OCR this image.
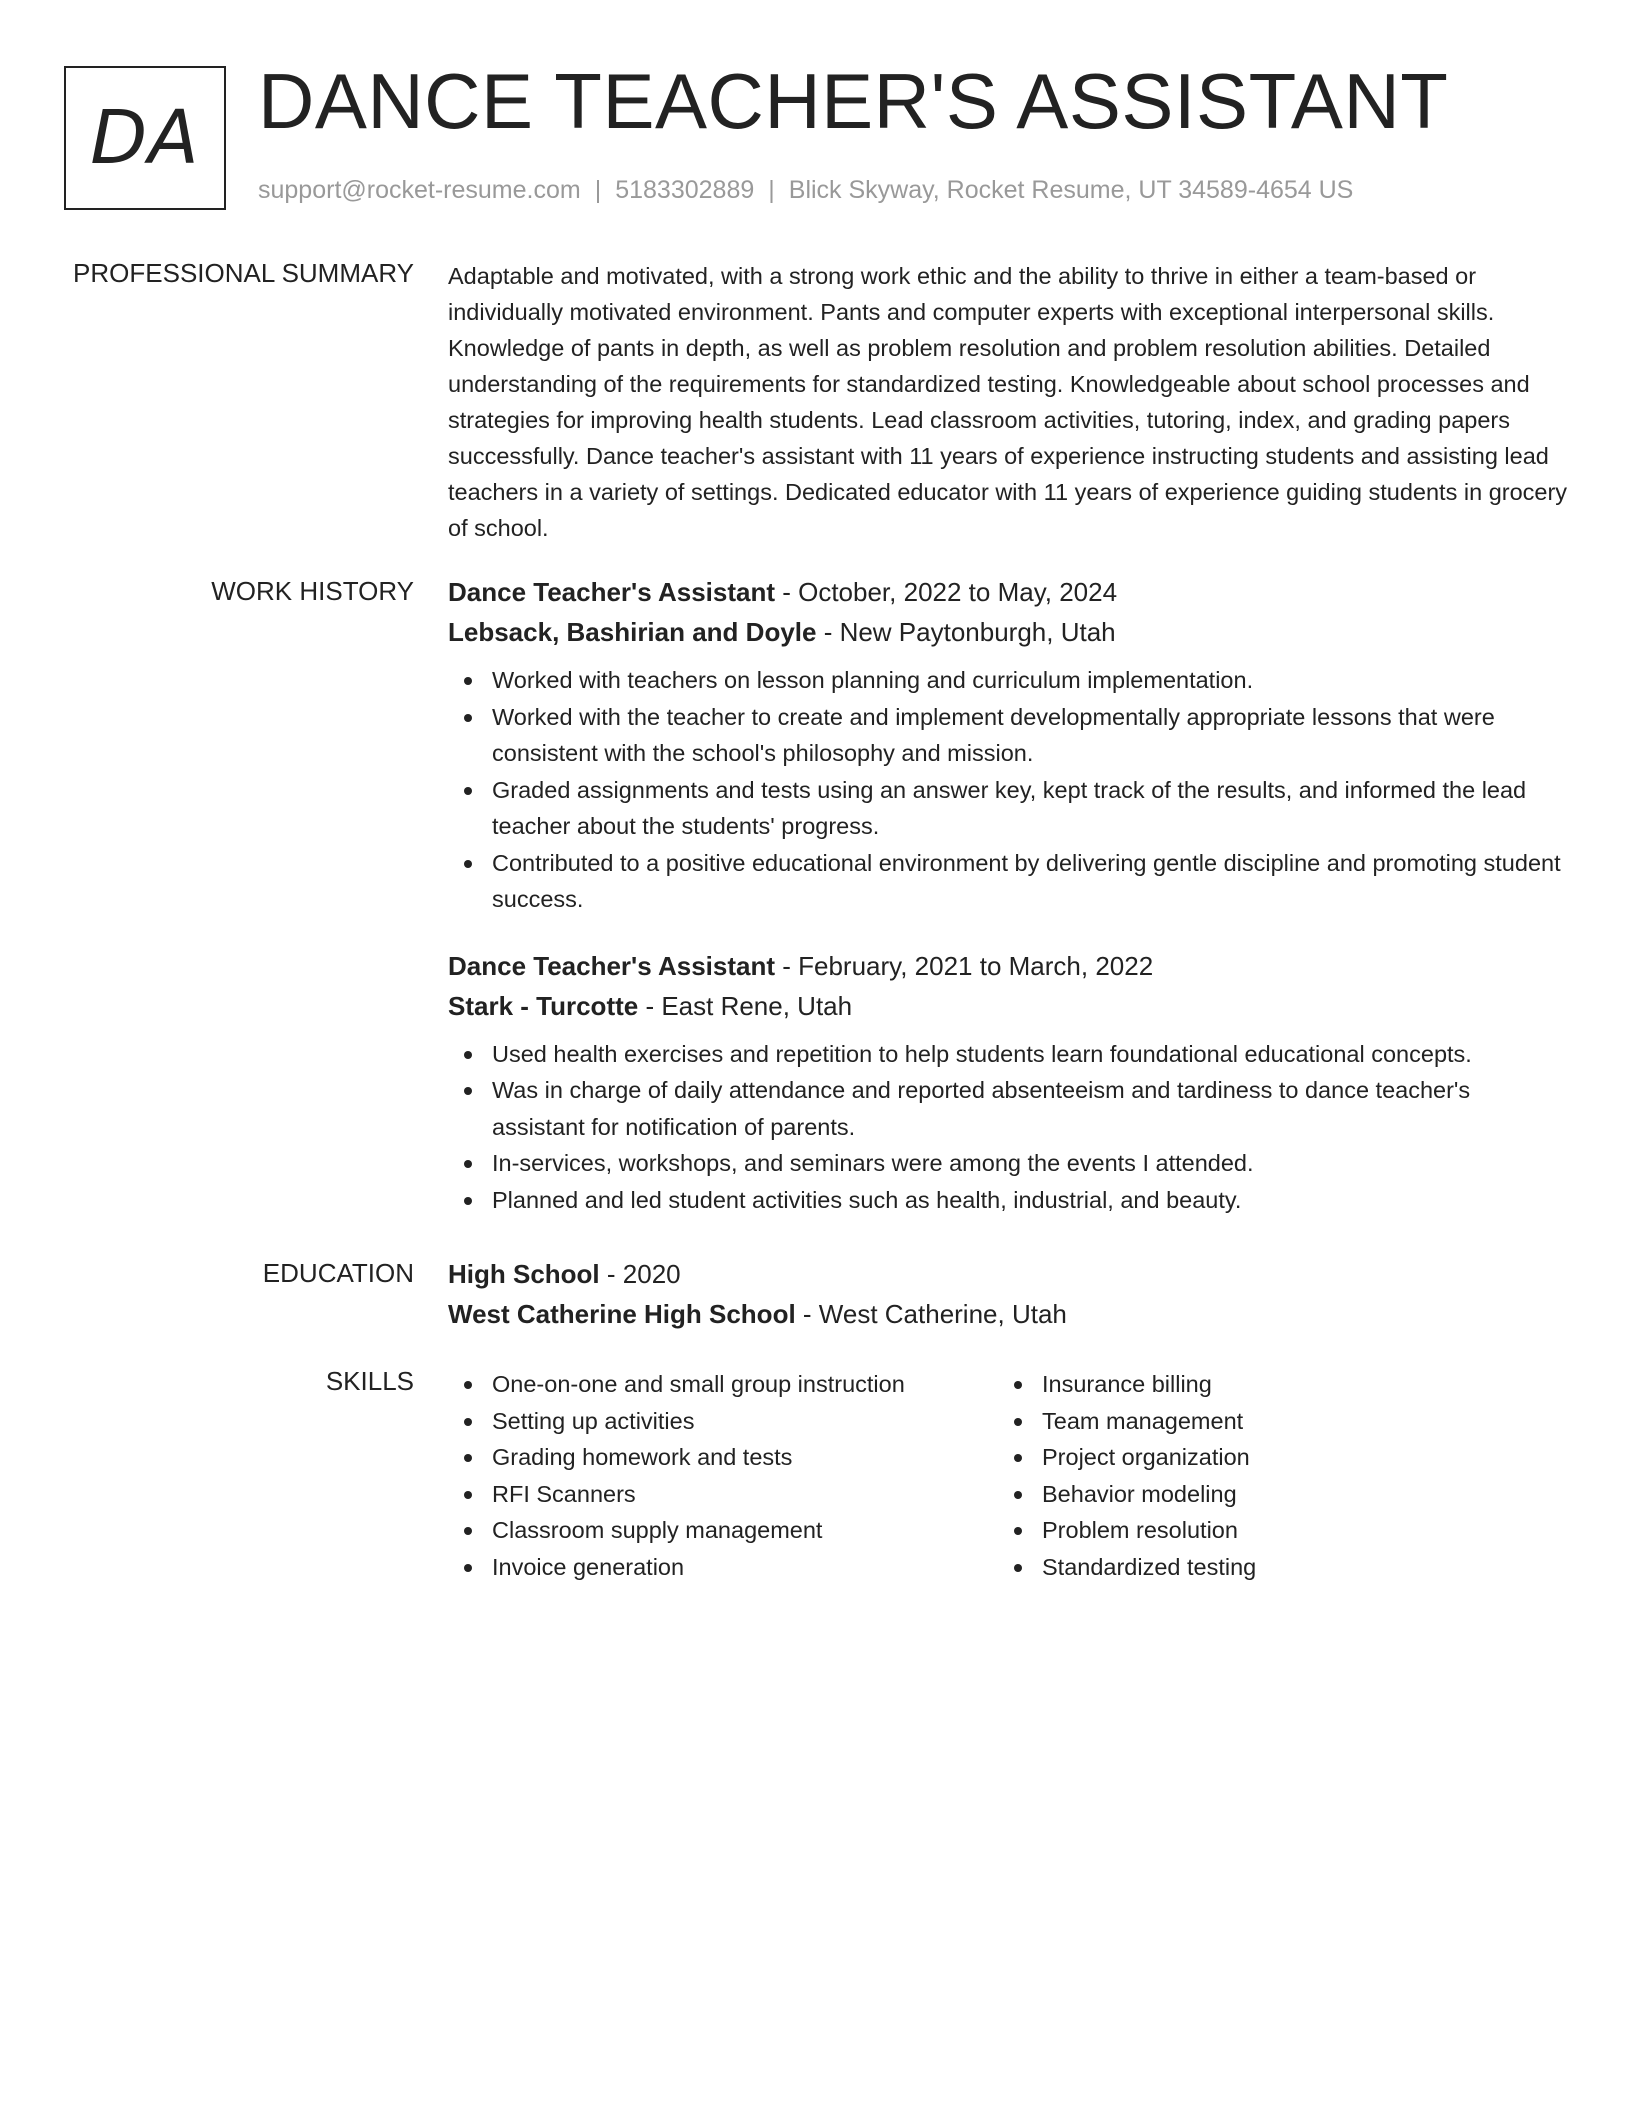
DA DANCE TEACHER'S ASSISTANT
support@rocket-resume.com | 5183302889 | Blick Skyway, Rocket Resume, UT 34589-4654 US
PROFESSIONAL SUMMARY Adaptable and motivated, with a strong work ethic and the ability to thrive in either a team-based or individually motivated environment. Pants and computer experts with exceptional interpersonal skills. Knowledge of pants in depth, as well as problem resolution and problem resolution abilities. Detailed understanding of the requirements for standardized testing. Knowledgeable about school processes and strategies for improving health students. Lead classroom activities, tutoring, index, and grading papers successfully. Dance teacher's assistant with 11 years of experience instructing students and assisting lead teachers in a variety of settings. Dedicated educator with 11 years of experience guiding students in grocery of school.
WORK HISTORY Dance Teacher's Assistant - October, 2022 to May, 2024
Lebsack, Bashirian and Doyle - New Paytonburgh, Utah
Worked with teachers on lesson planning and curriculum implementation.
Worked with the teacher to create and implement developmentally appropriate lessons that were consistent with the school's philosophy and mission.
Graded assignments and tests using an answer key, kept track of the results, and informed the lead teacher about the students' progress.
Contributed to a positive educational environment by delivering gentle discipline and promoting student success.
Dance Teacher's Assistant - February, 2021 to March, 2022
Stark - Turcotte - East Rene, Utah
Used health exercises and repetition to help students learn foundational educational concepts.
Was in charge of daily attendance and reported absenteeism and tardiness to dance teacher's assistant for notification of parents.
In-services, workshops, and seminars were among the events I attended.
Planned and led student activities such as health, industrial, and beauty.
EDUCATION High School - 2020
West Catherine High School - West Catherine, Utah
SKILLS	One-on-one and small group instruction
Setting up activities
Grading homework and tests
RFI Scanners
Classroom supply management
Invoice generation
Insurance billing
Team management
Project organization
Behavior modeling
Problem resolution
Standardized testing
